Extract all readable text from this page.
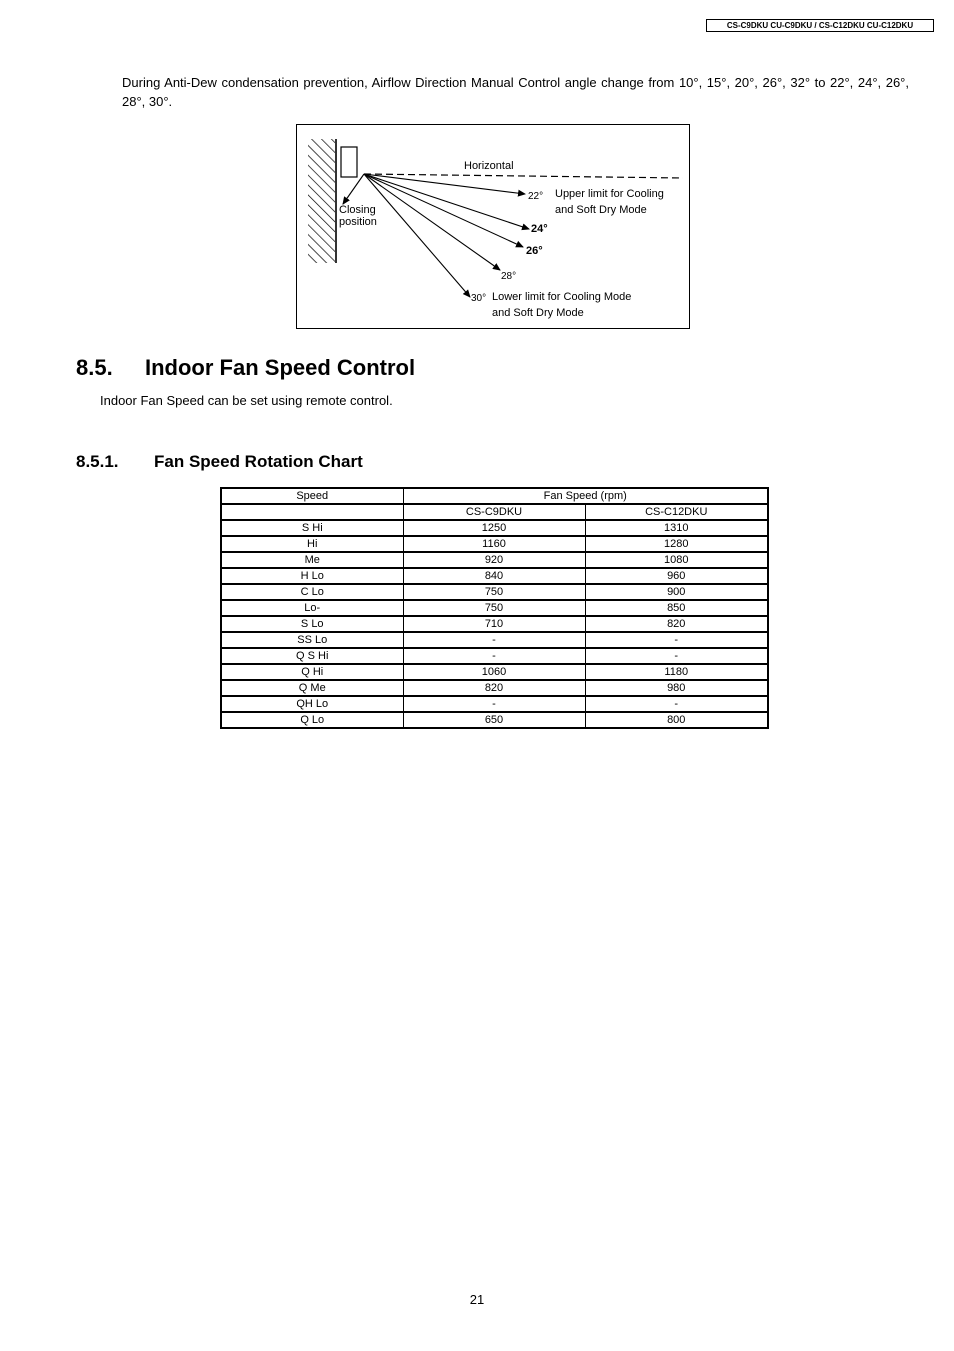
CS-C9DKU CU-C9DKU / CS-C12DKU CU-C12DKU
During Anti-Dew condensation prevention, Airflow Direction Manual Control angle change from 10°, 15°, 20°, 26°, 32° to 22°, 24°, 26°, 28°, 30°.
Horizontal
Closing
position
22° Upper limit for Cooling
and Soft Dry Mode
24°
26°
28°
30° Lower limit for Cooling Mode
and Soft Dry Mode
8.5. Indoor Fan Speed Control
Indoor Fan Speed can be set using remote control.
8.5.1. Fan Speed Rotation Chart
Speed	Fan Speed (rpm)	
	CS-C9DKU	CS-C12DKU
S Hi	1250	1310
Hi	1160	1280
Me	920	1080
H Lo	840	960
C Lo	750	900
Lo-	750	850
S Lo	710	820
SS Lo	-	-
Q S Hi	-	-
Q Hi	1060	1180
Q Me	820	980
QH Lo	-	-
Q Lo	650	800
21
